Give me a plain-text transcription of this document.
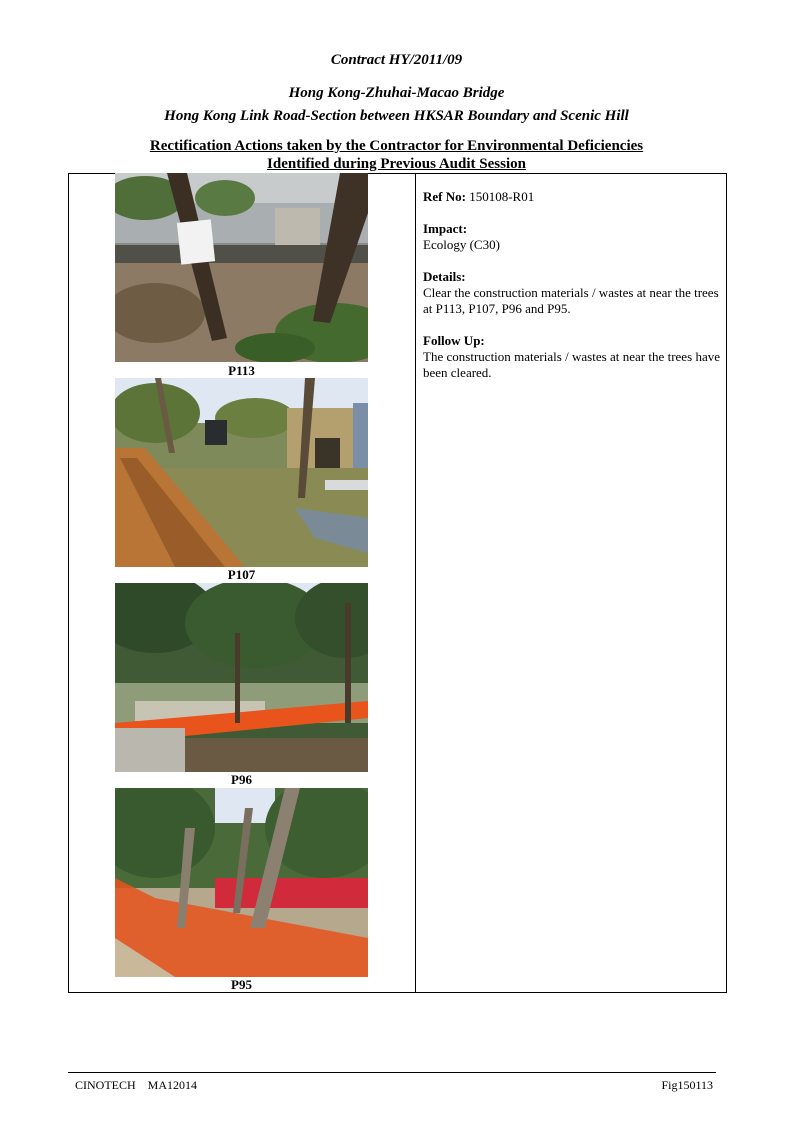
Contract HY/2011/09
Hong Kong-Zhuhai-Macao Bridge
Hong Kong Link Road-Section between HKSAR Boundary and Scenic Hill
Rectification Actions taken by the Contractor for Environmental Deficiencies
Identified during Previous Audit Session
P113
P107
P96
P95

Ref No: 150108-R01

Impact:

Ecology (C30)

Details:

Clear the construction materials / wastes at near the trees at P113, P107, P96 and P95.

Follow Up:

The construction materials / wastes at near the trees have been cleared.

CINOTECH    MA12014	Fig150113
